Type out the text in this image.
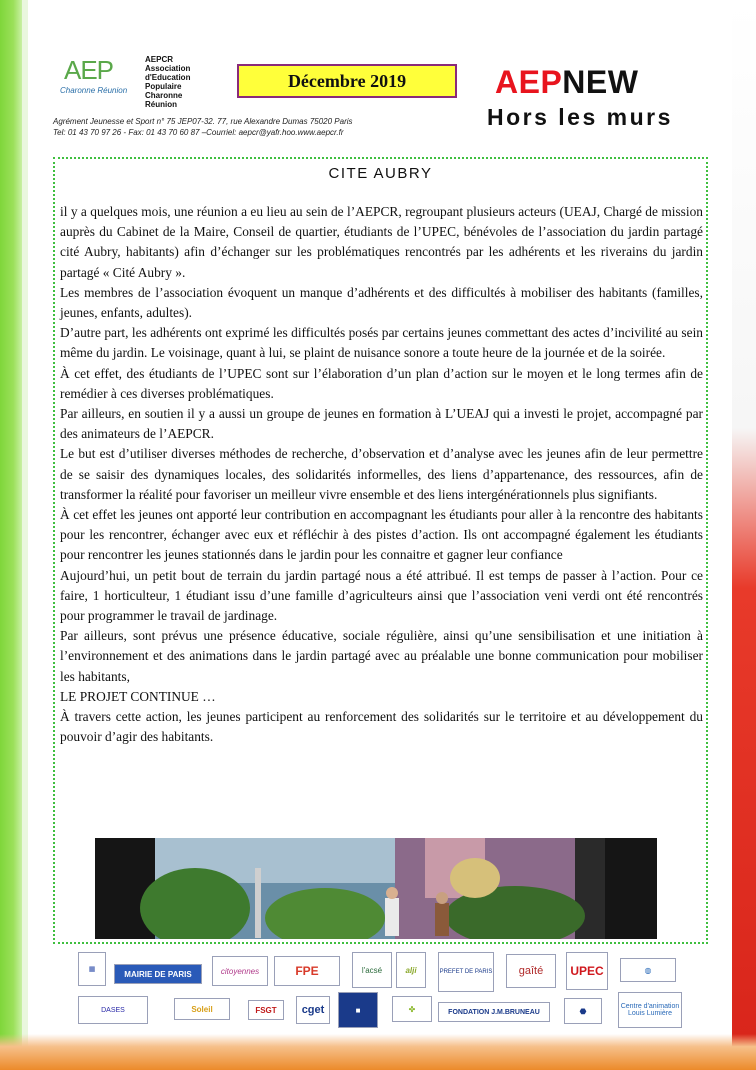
AEP
Charonne Réunion
AEPCR
Association
d'Education
Populaire
Charonne
Réunion
Décembre 2019	AEPNEW
Hors les murs
Agrément Jeunesse et Sport n° 75 JEP07-32. 77, rue Alexandre Dumas 75020 Paris
Tel: 01 43 70 97 26 - Fax: 01 43 70 60 87 –Courriel: aepcr@yafr.hoo.www.aepcr.fr
CITE AUBRY

il y a quelques mois, une réunion a eu lieu au sein de l’AEPCR, regroupant plusieurs acteurs (UEAJ, Chargé de mission auprès du Cabinet de la Maire, Conseil de quartier, étudiants de l’UPEC, bénévoles de l’association du jardin partagé cité Aubry, habitants) afin d’échanger sur les problématiques rencontrés par les adhérents et les riverains du jardin partagé « Cité Aubry ».

Les membres de l’association évoquent un manque d’adhérents et des difficultés à mobiliser des habitants (familles, jeunes, enfants, adultes).

D’autre part, les adhérents ont exprimé les difficultés posés par certains jeunes commettant des actes d’incivilité au sein même du jardin. Le voisinage, quant à lui, se plaint de nuisance sonore a toute heure de la journée et de la soirée.

À cet effet, des étudiants de l’UPEC sont sur l’élaboration d’un plan d’action sur le moyen et le long termes afin de remédier à ces diverses problématiques.

Par ailleurs, en soutien il y a aussi un groupe de jeunes en formation à L’UEAJ qui a investi le projet, accompagné par des animateurs de l’AEPCR.

Le but est d’utiliser diverses méthodes de recherche, d’observation et d’analyse avec les jeunes afin de leur permettre de se saisir des dynamiques locales, des solidarités informelles, des liens d’appartenance, des ressources, afin de transformer la réalité pour favoriser un meilleur vivre ensemble et des liens intergénérationnels plus signifiants.

À cet effet les jeunes ont apporté leur contribution en accompagnant les étudiants pour aller à la rencontre des habitants pour les rencontrer, échanger avec eux et réfléchir à des pistes d’action. Ils ont accompagné également les étudiants pour rencontrer les jeunes stationnés dans le jardin pour les connaitre et gagner leur confiance

Aujourd’hui, un petit bout de terrain du jardin partagé nous a été attribué. Il est temps de passer à l’action. Pour ce faire, 1 horticulteur, 1 étudiant issu d’une famille d’agriculteurs ainsi que l’association veni verdi ont été rencontrés pour programmer le travail de jardinage.

Par ailleurs, sont prévus une présence éducative, sociale régulière, ainsi qu’une sensibilisation et une initiation à l’environnement et des animations dans le jardin partagé avec au préalable une bonne communication pour mobiliser les habitants,

LE PROJET CONTINUE …

À travers cette action, les jeunes participent au renforcement des solidarités sur le territoire et au développement du pouvoir d’agir des habitants.

▦	MAIRIE DE PARIS	citoyennes	FPE	l'acsé	alji	PREFET DE PARIS	gaîté	UPEC	◍
DASES	Soleil	FSGT	cget	■	✤	FONDATION J.M.BRUNEAU	⬣	Centre d'animation Louis Lumière
